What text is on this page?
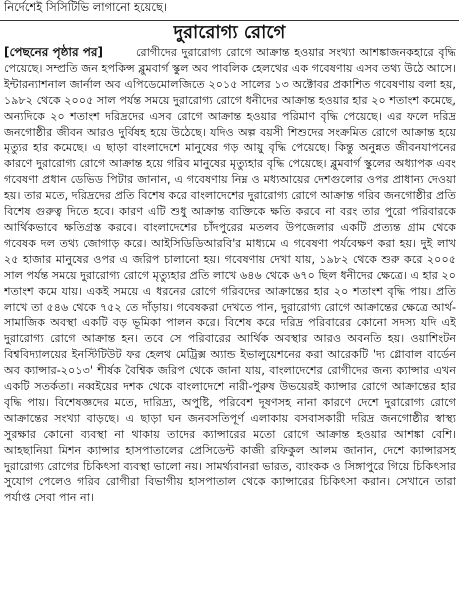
নির্দেশেই সিসিটিভি লাগানো হয়েছে।
দুরারোগ্য রোগে
রোগীদের দুরারোগ্য রোগে আক্রান্ত হওয়ার সংখ্যা আশঙ্কাজনকহারে বৃদ্ধি পেয়েছে। সম্প্রতি জন হপকিন্স ব্লুমবার্গ স্কুল অব পাবলিক হেলথের এক গবেষণায় এসব তথ্য উঠে আসে। ইন্টারন্যাশনাল জার্নাল অব এপিডেমোলজিতে ২০১৫ সালের ১৩ অক্টোবর প্রকাশিত গবেষণায় বলা হয়, ১৯৮২ থেকে ২০০৫ সাল পর্যন্ত সময়ে দুরারোগ্য রোগে ধনীদের আক্রান্ত হওয়ার হার ২০ শতাংশ কমেছে, অন্যদিকে ২০ শতাংশ দরিদ্রদের এসব রোগে আক্রান্ত হওয়ার পরিমাণ বৃদ্ধি পেয়েছে। এর ফলে দরিদ্র জনগোষ্ঠীর জীবন আরও দুর্বিষহ হয়ে উঠেছে। যদিও অল্প বয়সী শিশুদের সংক্রমিত রোগে আক্রান্ত হয়ে মৃত্যুর হার কমেছে। এ ছাড়া বাংলাদেশে মানুষের গড় আয়ু বৃদ্ধি পেয়েছে। কিন্তু অনুন্নত জীবনযাপনের কারণে দুরারোগ্য রোগে আক্রান্ত হয়ে গরিব মানুষের মৃত্যুহার বৃদ্ধি পেয়েছে। ব্লুমবার্গ স্কুলের অধ্যাপক এবং গবেষণা প্রধান ডেভিড পিটার জানান, এ গবেষণায় নিম্ন ও মধ্যআয়ের দেশগুলোর ওপর প্রাধান্য দেওয়া হয়। তার মতে, দরিদ্রদের প্রতি বিশেষ করে বাংলাদেশের দুরারোগ্য রোগে আক্রান্ত গরিব জনগোষ্ঠীর প্রতি বিশেষ গুরুত্ব দিতে হবে। কারণ এটি শুধু আক্রান্ত ব্যক্তিকে ক্ষতি করবে না বরং তার পুরো পরিবারকে আর্থিকভাবে ক্ষতিগ্রস্ত করবে। বাংলাদেশের চাঁদপুরের মতলব উপজেলার একটি প্রত্যন্ত গ্রাম থেকে গবেষক দল তথ্য জোগাড় করে। আইসিডিডিআরবি'র মাধ্যমে এ গবেষণা পর্যবেক্ষণ করা হয়। দুই লাখ ২৫ হাজার মানুষের ওপর এ জরিপ চালানো হয়। গবেষণায় দেখা যায়, ১৯৮২ থেকে শুরু করে ২০০৫ সাল পর্যন্ত সময়ে দুরারোগ্য রোগে মৃত্যুহার প্রতি লাখে ৬৪৬ থেকে ৬৭০ ছিল ধনীদের ক্ষেত্রে। এ হার ২০ শতাংশ কমে যায়। একই সময়ে এ ধরনের রোগে গরিবদের আক্রান্তের হার ২০ শতাংশ বৃদ্ধি পায়। প্রতি লাখে তা ৫৪৬ থেকে ৭৫২ তে দাঁড়ায়। গবেষকরা দেখতে পান, দুরারোগ্য রোগে আক্রান্তের ক্ষেত্রে আর্থ-সামাজিক অবস্থা একটি বড় ভূমিকা পালন করে। বিশেষ করে দরিদ্র পরিবারের কোনো সদস্য যদি এই দুরারোগ্য রোগে আক্রান্ত হন। তবে সে পরিবারের আর্থিক অবস্থার আরও অবনতি হয়। ওয়াশিংটন বিশ্ববিদ্যালয়ের ইনস্টিটিউট ফর হেলথ মেট্রিক্স অ্যান্ড ইভালুয়েশনের করা আরেকটি 'দ্য গ্লোবাল বার্ডেন অব ক্যান্সার-২০১৩' শীর্ষক বৈশ্বিক জরিপ থেকে জানা যায়, বাংলাদেশের রোগীদের জন্য ক্যান্সার এখন একটি সতর্কতা। নব্বইয়ের দশক থেকে বাংলাদেশে নারী-পুরুষ উভয়েরই ক্যান্সার রোগে আক্রান্তের হার বৃদ্ধি পায়। বিশেষজ্ঞদের মতে, দারিদ্র্য, অপুষ্টি, পরিবেশ দূষণসহ নানা কারণে দেশে দুরারোগ্য রোগে আক্রান্তের সংখ্যা বাড়ছে। এ ছাড়া ঘন জনবসতিপূর্ণ এলাকায় বসবাসকারী দরিদ্র জনগোষ্ঠীর স্বাস্থ্য সুরক্ষার কোনো ব্যবস্থা না থাকায় তাদের ক্যান্সারের মতো রোগে আক্রান্ত হওয়ার আশঙ্কা বেশি। আহছানিয়া মিশন ক্যান্সার হাসপাতালের প্রেসিডেন্ট কাজী রফিকুল আলম জানান, দেশে ক্যান্সারসহ দুরারোগ্য রোগের চিকিৎসা ব্যবস্থা ভালো নয়। সামর্থ্যবানরা ভারত, ব্যাংকক ও সিঙ্গাপুরে গিয়ে চিকিৎসার সুযোগ পেলেও গরিব রোগীরা বিভাগীয় হাসপাতাল থেকে ক্যান্সারের চিকিৎসা করান। সেখানে তারা পর্যাপ্ত সেবা পান না।
[পেছনের পৃষ্ঠার পর]
